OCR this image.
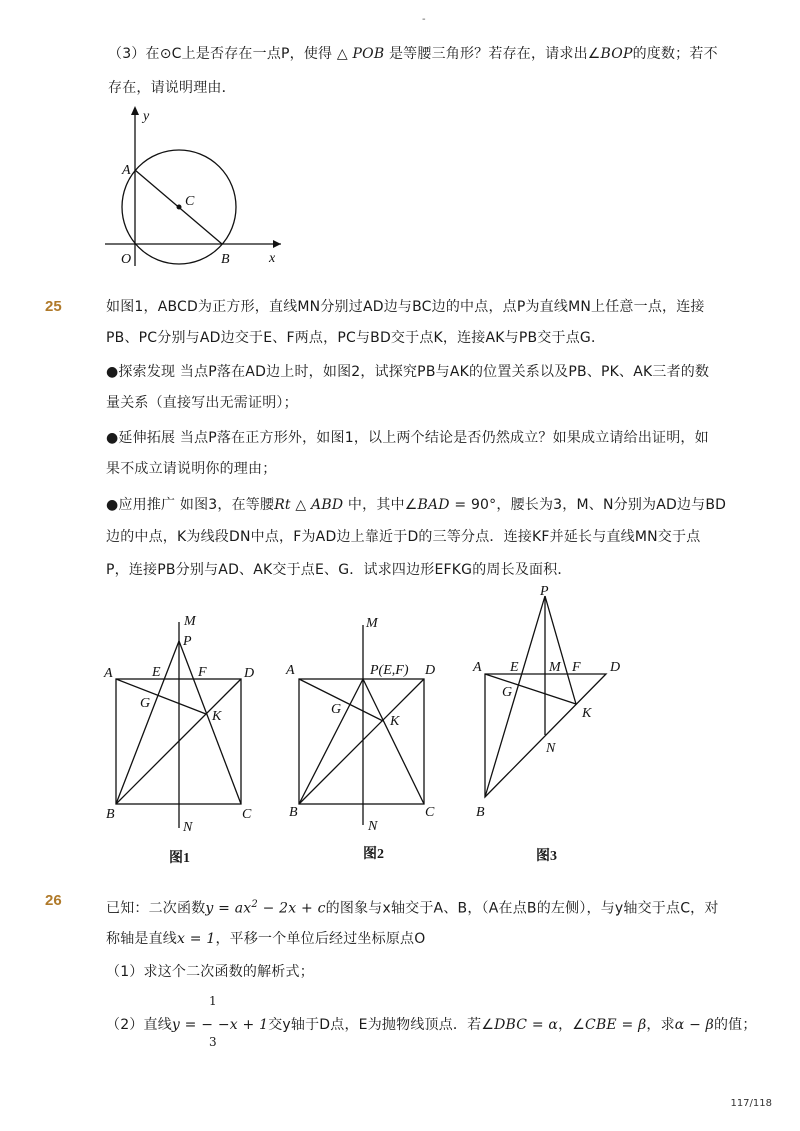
-
（3）在⊙C上是否存在一点P，使得 △ POB 是等腰三角形？若存在，请求出∠BOP的度数；若不
存在，请说明理由．
y
x
A
C
O	B
25	如图1，ABCD为正方形，直线MN分别过AD边与BC边的中点，点P为直线MN上任意一点，连接
PB、PC分别与AD边交于E、F两点，PC与BD交于点K，连接AK与PB交于点G．
●探索发现 当点P落在AD边上时，如图2，试探究PB与AK的位置关系以及PB、PK、AK三者的数
量关系（直接写出无需证明）；
●延伸拓展 当点P落在正方形外，如图1，以上两个结论是否仍然成立？如果成立请给出证明，如
果不成立请说明你的理由；
●应用推广 如图3，在等腰Rt △ ABD 中，其中∠BAD = 90°，腰长为3，M、N分别为AD边与BD
边的中点，K为线段DN中点，F为AD边上靠近于D的三等分点．连接KF并延长与直线MN交于点
P，连接PB分别与AD、AK交于点E、G．试求四边形EFKG的周长及面积．
M
P
A	E	F	D
G
K
B
N
C
M
A	P(E,F) D
G
K
B
N
C
P
A E M F D
G
K
N
B
图1	图2	图3
26	已知：二次函数$y = ax^2 - 2x + c$的图象与x轴交于A、B，（A在点B的左侧），与y轴交于点C，对
称轴是直线x = 1，平移一个单位后经过坐标原点O
（1）求这个二次函数的解析式；
（2）直线y = − −x + 1交y轴于D点，E为抛物线顶点．若∠DBC = α，∠CBE = β，求α − β的值；
1
3
117/118
